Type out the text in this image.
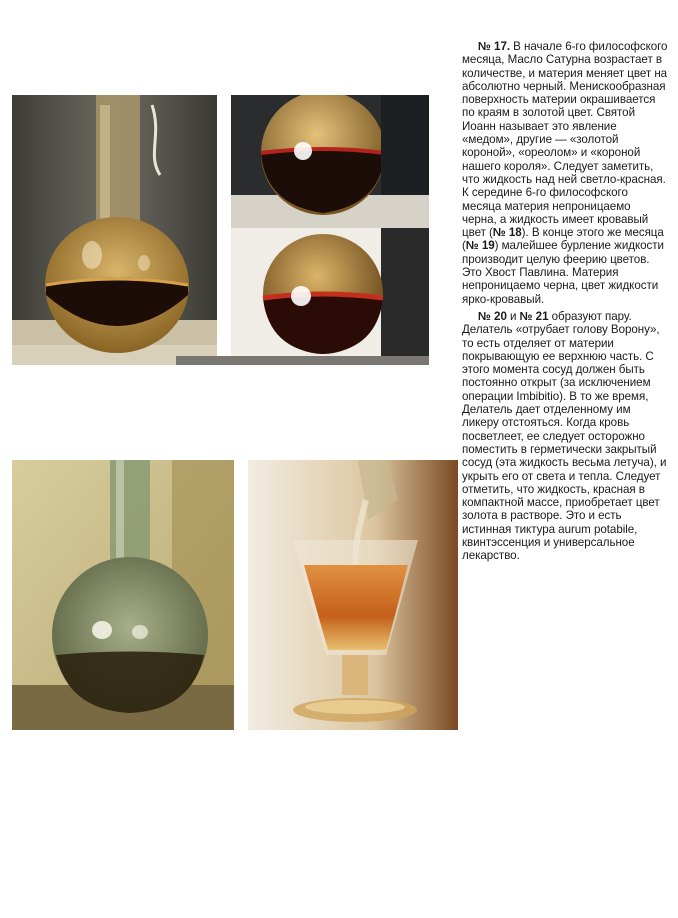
№ 17. В начале 6-го философского месяца, Масло Сатурна возрастает в количестве, и материя меняет цвет на абсолютно черный. Менискообразная поверхность материи окрашивается по краям в золотой цвет. Святой Иоанн называет это явление «медом», другие — «золотой короной», «ореолом» и «короной нашего короля». Следует заметить, что жидкость над ней светло-красная. К середине 6-го философского месяца материя непроницаемо черна, а жидкость имеет кровавый цвет (№ 18). В конце этого же месяца (№ 19) малейшее бурление жидкости производит целую феерию цветов. Это Хвост Павлина. Материя непроницаемо черна, цвет жидкости ярко-кровавый.

№ 20 и № 21 образуют пару. Делатель «отрубает голову Ворону», то есть отделяет от материи покрывающую ее верхнюю часть. С этого момента сосуд должен быть постоянно открыт (за исключением операции Imbibitio). В то же время, Делатель дает отделенному им ликеру отстояться. Когда кровь посветлеет, ее следует осторожно поместить в герметически закрытый сосуд (эта жидкость весьма летуча), и укрыть его от света и тепла. Следует отметить, что жидкость, красная в компактной массе, приобретает цвет золота в растворе. Это и есть истинная тиктура aurum potabile, квинтэссенция и универсальное лекарство.
